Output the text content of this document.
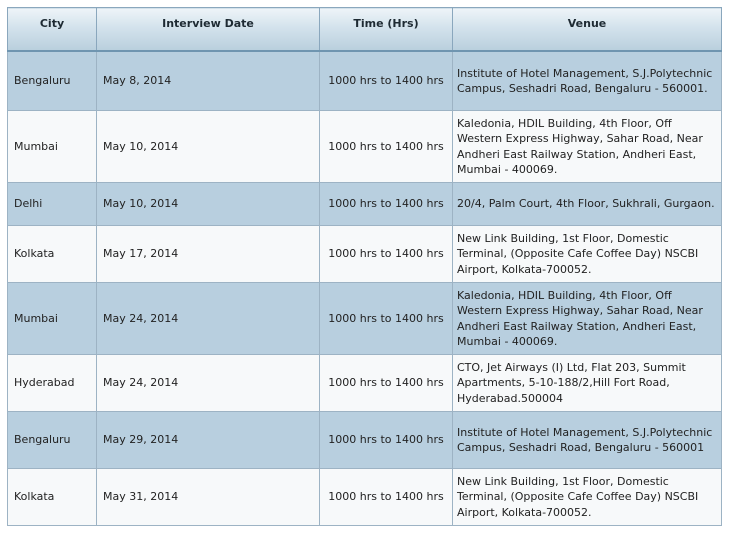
City	Interview Date	Time (Hrs)	Venue
Bengaluru	May 8, 2014	1000 hrs to 1400 hrs	Institute of Hotel Management, S.J.Polytechnic Campus, Seshadri Road, Bengaluru - 560001.
Mumbai	May 10, 2014	1000 hrs to 1400 hrs	Kaledonia, HDIL Building, 4th Floor, Off Western Express Highway, Sahar Road, Near Andheri East Railway Station, Andheri East, Mumbai - 400069.
Delhi	May 10, 2014	1000 hrs to 1400 hrs	20/4, Palm Court, 4th Floor, Sukhrali, Gurgaon.
Kolkata	May 17, 2014	1000 hrs to 1400 hrs	New Link Building, 1st Floor, Domestic Terminal, (Opposite Cafe Coffee Day) NSCBI Airport, Kolkata-700052.
Mumbai	May 24, 2014	1000 hrs to 1400 hrs	Kaledonia, HDIL Building, 4th Floor, Off Western Express Highway, Sahar Road, Near Andheri East Railway Station, Andheri East, Mumbai - 400069.
Hyderabad	May 24, 2014	1000 hrs to 1400 hrs	CTO, Jet Airways (I) Ltd, Flat 203, Summit Apartments, 5-10-188/2,Hill Fort Road, Hyderabad.500004
Bengaluru	May 29, 2014	1000 hrs to 1400 hrs	Institute of Hotel Management, S.J.Polytechnic Campus, Seshadri Road, Bengaluru - 560001
Kolkata	May 31, 2014	1000 hrs to 1400 hrs	New Link Building, 1st Floor, Domestic Terminal, (Opposite Cafe Coffee Day) NSCBI Airport, Kolkata-700052.
